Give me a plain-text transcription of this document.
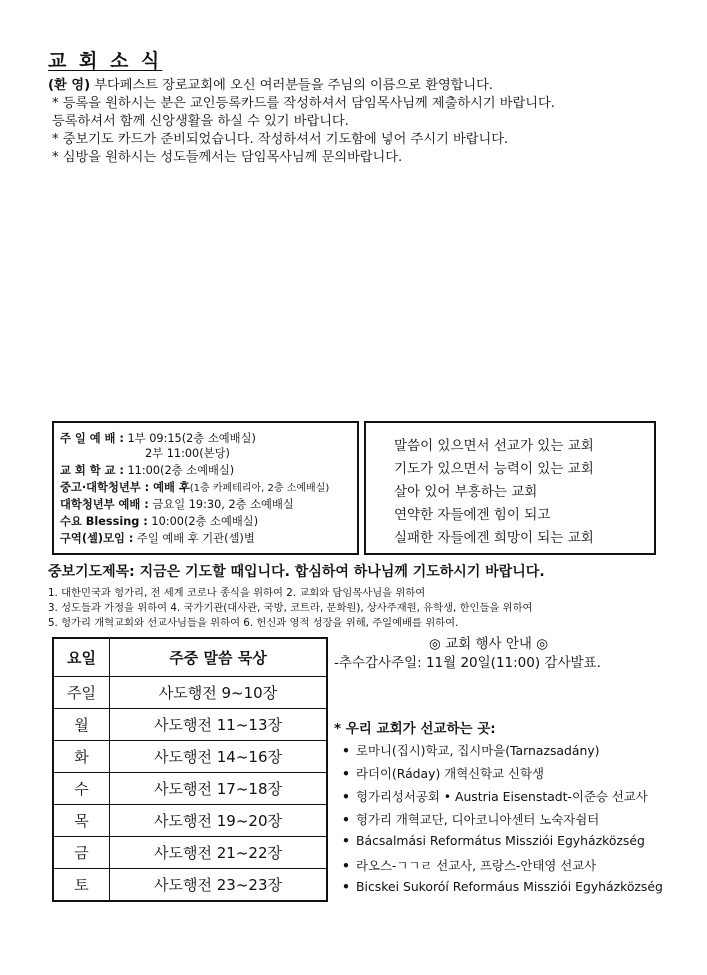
교 회 소 식
(환 영) 부다페스트 장로교회에 오신 여러분들을 주님의 이름으로 환영합니다.
* 등록을 원하시는 분은 교인등록카드를 작성하셔서 담임목사님께 제출하시기 바랍니다.
등록하셔서 함께 신앙생활을 하실 수 있기 바랍니다.
* 중보기도 카드가 준비되었습니다. 작성하셔서 기도함에 넣어 주시기 바랍니다.
* 심방을 원하시는 성도들께서는 담임목사님께 문의바랍니다.
주 일 예 배 : 1부 09:15(2층 소예배실)
2부 11:00(본당)
교 회 학 교 : 11:00(2층 소예배실)
중고·대학청년부 : 예배 후(1층 카페테리아, 2층 소예배실)
대학청년부 예배 : 금요일 19:30, 2층 소예배실
수요 Blessing : 10:00(2층 소예배실)
구역(셀)모임 : 주일 예배 후 기관(셀)별
말씀이 있으면서 선교가 있는 교회
기도가 있으면서 능력이 있는 교회
살아 있어 부흥하는 교회
연약한 자들에겐 힘이 되고
실패한 자들에겐 희망이 되는 교회
중보기도제목: 지금은 기도할 때입니다. 합심하여 하나님께 기도하시기 바랍니다.
1. 대한민국과 헝가리, 전 세계 코로나 종식을 위하여 2. 교회와 담임목사님을 위하여
3. 성도들과 가정을 위하여 4. 국가기관(대사관, 국방, 코트라, 문화원), 상사주재원, 유학생, 한인들을 위하여
5. 헝가리 개혁교회와 선교사님들을 위하여 6. 헌신과 영적 성장을 위해, 주일예배를 위하여.
요일	주중 말씀 묵상
주일	사도행전 9~10장
월	사도행전 11~13장
화	사도행전 14~16장
수	사도행전 17~18장
목	사도행전 19~20장
금	사도행전 21~22장
토	사도행전 23~23장
◎ 교회 행사 안내 ◎
-추수감사주일: 11월 20일(11:00) 감사발표.
* 우리 교회가 선교하는 곳:
• 로마니(집시)학교, 집시마을(Tarnazsadány)
• 라더이(Ráday) 개혁신학교 신학생
• 헝가리성서공회 • Austria Eisenstadt-이준승 선교사
• 헝가리 개혁교단, 디아코니아센터 노숙자쉼터
• Bácsalmási Református Missziói Egyházközség
• 라오스-ㄱㄱㄹ 선교사, 프랑스-안태영 선교사
• Bicskei Sukoróí Reformáus Missziói Egyházközség
